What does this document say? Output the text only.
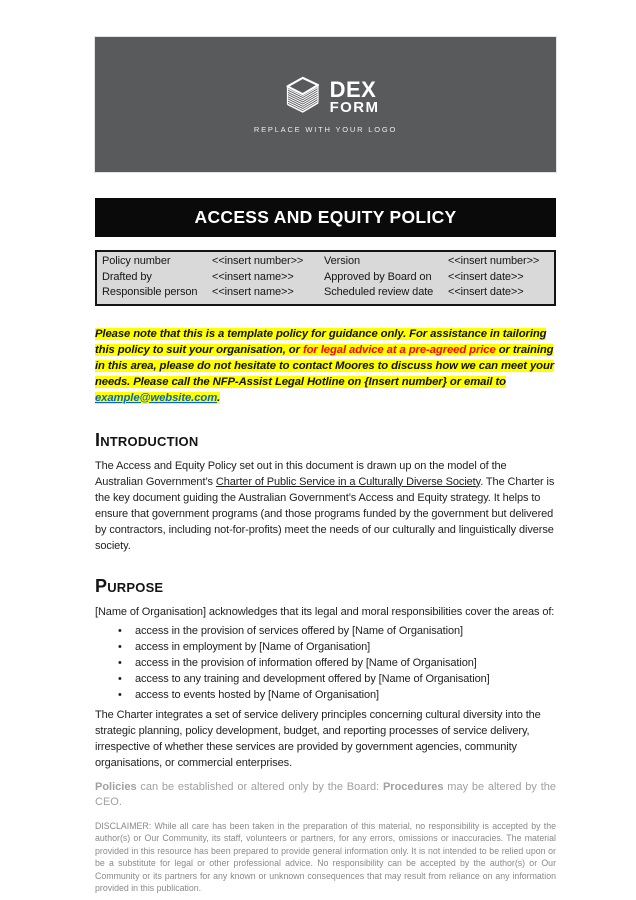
DEX
FORM
REPLACE WITH YOUR LOGO
ACCESS AND EQUITY POLICY
Policy number	<<insert number>>	Version	<<insert number>>
Drafted by	<<insert name>>	Approved by Board on	<<insert date>>
Responsible person	<<insert name>>	Scheduled review date	<<insert date>>

Please note that this is a template policy for guidance only. For assistance in tailoring this policy to suit your organisation, or for legal advice at a pre-agreed price or training in this area, please do not hesitate to contact Moores to discuss how we can meet your needs. Please call the NFP-Assist Legal Hotline on {Insert number} or email to example@website.com.

Introduction

The Access and Equity Policy set out in this document is drawn up on the model of the Australian Government’s Charter of Public Service in a Culturally Diverse Society. The Charter is the key document guiding the Australian Government’s Access and Equity strategy. It helps to ensure that government programs (and those programs funded by the government but delivered by contractors, including not-for-profits) meet the needs of our culturally and linguistically diverse society.

Purpose

[Name of Organisation] acknowledges that its legal and moral responsibilities cover the areas of:

• access in the provision of services offered by [Name of Organisation]
• access in employment by [Name of Organisation]
• access in the provision of information offered by [Name of Organisation]
• access to any training and development offered by [Name of Organisation]
• access to events hosted by [Name of Organisation]

The Charter integrates a set of service delivery principles concerning cultural diversity into the strategic planning, policy development, budget, and reporting processes of service delivery, irrespective of whether these services are provided by government agencies, community organisations, or commercial enterprises.

Policies can be established or altered only by the Board: Procedures may be altered by the CEO.

DISCLAIMER: While all care has been taken in the preparation of this material, no responsibility is accepted by the author(s) or Our Community, its staff, volunteers or partners, for any errors, omissions or inaccuracies. The material provided in this resource has been prepared to provide general information only. It is not intended to be relied upon or be a substitute for legal or other professional advice. No responsibility can be accepted by the author(s) or Our Community or its partners for any known or unknown consequences that may result from reliance on any information provided in this publication.
